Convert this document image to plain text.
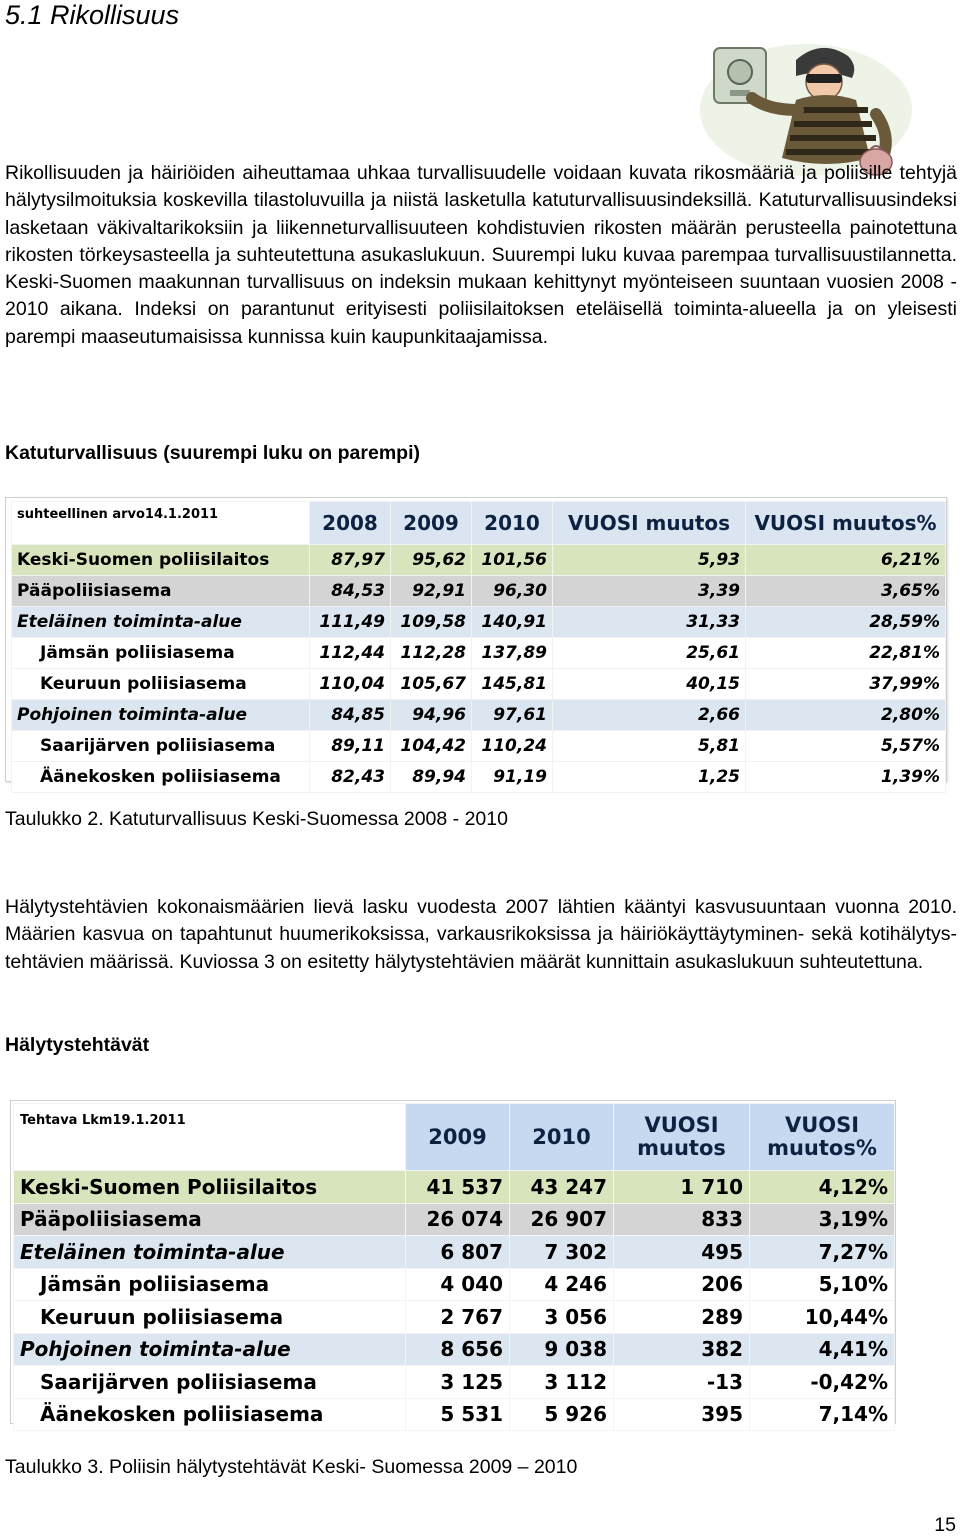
5.1 Rikollisuus

Rikollisuuden ja häiriöiden aiheuttamaa uhkaa turvallisuudelle voidaan kuvata rikosmääriä ja poliisille tehtyjä hälytysilmoituksia koskevilla tilastoluvuilla ja niistä lasketulla katuturvallisuusindeksillä. Katuturvallisuusindeksi lasketaan väkivaltarikoksiin ja liikenneturvallisuuteen kohdistuvien rikosten määrän perusteella painotettuna rikosten törkeysasteella ja suhteutettuna asukaslukuun. Suurempi luku kuvaa parempaa turvallisuustilannetta. Keski-Suomen maakunnan turvallisuus on indeksin mukaan kehittynyt myönteiseen suuntaan vuosien 2008 - 2010 aikana. Indeksi on parantunut erityisesti poliisilaitoksen eteläisellä toiminta-alueella ja on yleisesti parempi maaseutumaisissa kunnissa kuin kaupunkitaajamissa.

Katuturvallisuus (suurempi luku on parempi)

suhteellinen arvo14.1.2011	2008	2009	2010	VUOSI muutos	VUOSI muutos%
Keski-Suomen poliisilaitos	87,97	95,62	101,56	5,93	6,21%
Pääpoliisiasema	84,53	92,91	96,30	3,39	3,65%
Eteläinen toiminta-alue	111,49	109,58	140,91	31,33	28,59%
Jämsän poliisiasema	112,44	112,28	137,89	25,61	22,81%
Keuruun poliisiasema	110,04	105,67	145,81	40,15	37,99%
Pohjoinen toiminta-alue	84,85	94,96	97,61	2,66	2,80%
Saarijärven poliisiasema	89,11	104,42	110,24	5,81	5,57%
Äänekosken poliisiasema	82,43	89,94	91,19	1,25	1,39%

Taulukko 2. Katuturvallisuus Keski-Suomessa 2008 - 2010

Hälytystehtävien kokonaismäärien lievä lasku vuodesta 2007 lähtien kääntyi kasvusuuntaan vuonna 2010. Määrien kasvua on tapahtunut huumerikoksissa, varkausrikoksissa ja häiriökäyttäytyminen- sekä kotihälytys- tehtävien määrissä. Kuviossa 3 on esitetty hälytystehtävien määrät kunnittain asukaslukuun suhteutettuna.

Hälytystehtävät

Tehtava Lkm19.1.2011	2009	2010	VUOSI muutos	VUOSI muutos%
Keski-Suomen Poliisilaitos	41 537	43 247	1 710	4,12%
Pääpoliisiasema	26 074	26 907	833	3,19%
Eteläinen toiminta-alue	6 807	7 302	495	7,27%
Jämsän poliisiasema	4 040	4 246	206	5,10%
Keuruun poliisiasema	2 767	3 056	289	10,44%
Pohjoinen toiminta-alue	8 656	9 038	382	4,41%
Saarijärven poliisiasema	3 125	3 112	-13	-0,42%
Äänekosken poliisiasema	5 531	5 926	395	7,14%

Taulukko 3. Poliisin hälytystehtävät Keski- Suomessa 2009 – 2010

15
